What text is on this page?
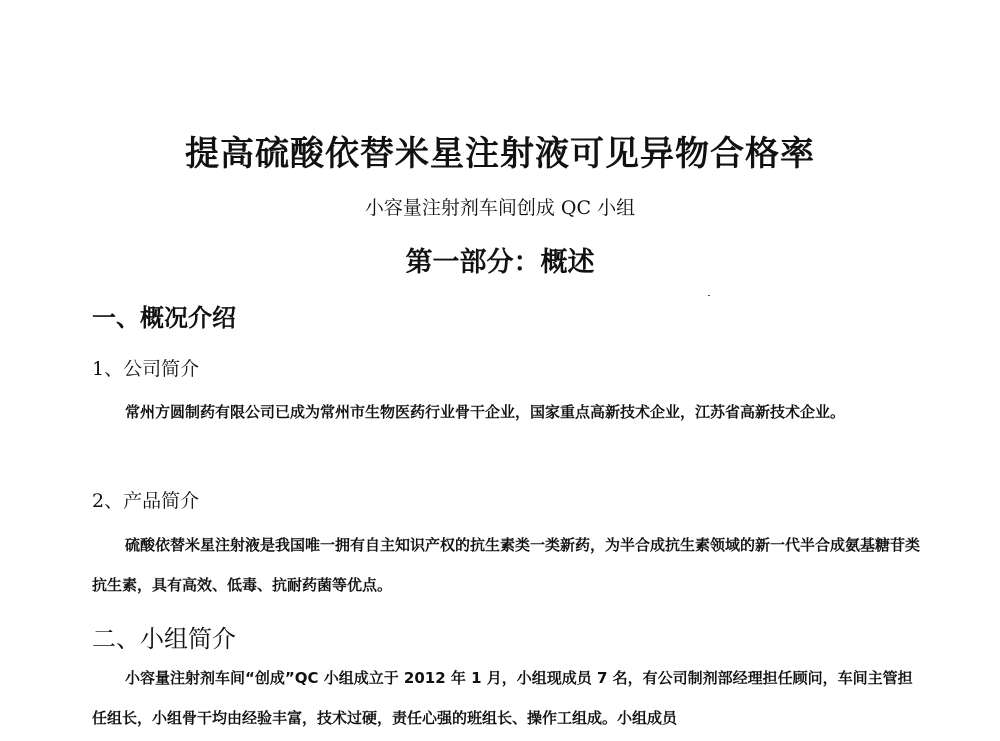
提高硫酸依替米星注射液可见异物合格率
小容量注射剂车间创成 QC 小组
第一部分：概述
一、概况介绍
1、公司简介
常州方圆制药有限公司已成为常州市生物医药行业骨干企业，国家重点高新技术企业，江苏省高新技术企业。
2、产品简介
硫酸依替米星注射液是我国唯一拥有自主知识产权的抗生素类一类新药，为半合成抗生素领域的新一代半合成氨基糖苷类抗生素，具有高效、低毒、抗耐药菌等优点。
二、小组简介
小容量注射剂车间“创成”QC 小组成立于 2012 年 1 月，小组现成员 7 名，有公司制剂部经理担任顾问，车间主管担任组长，小组骨干均由经验丰富，技术过硬，责任心强的班组长、操作工组成。小组成员
